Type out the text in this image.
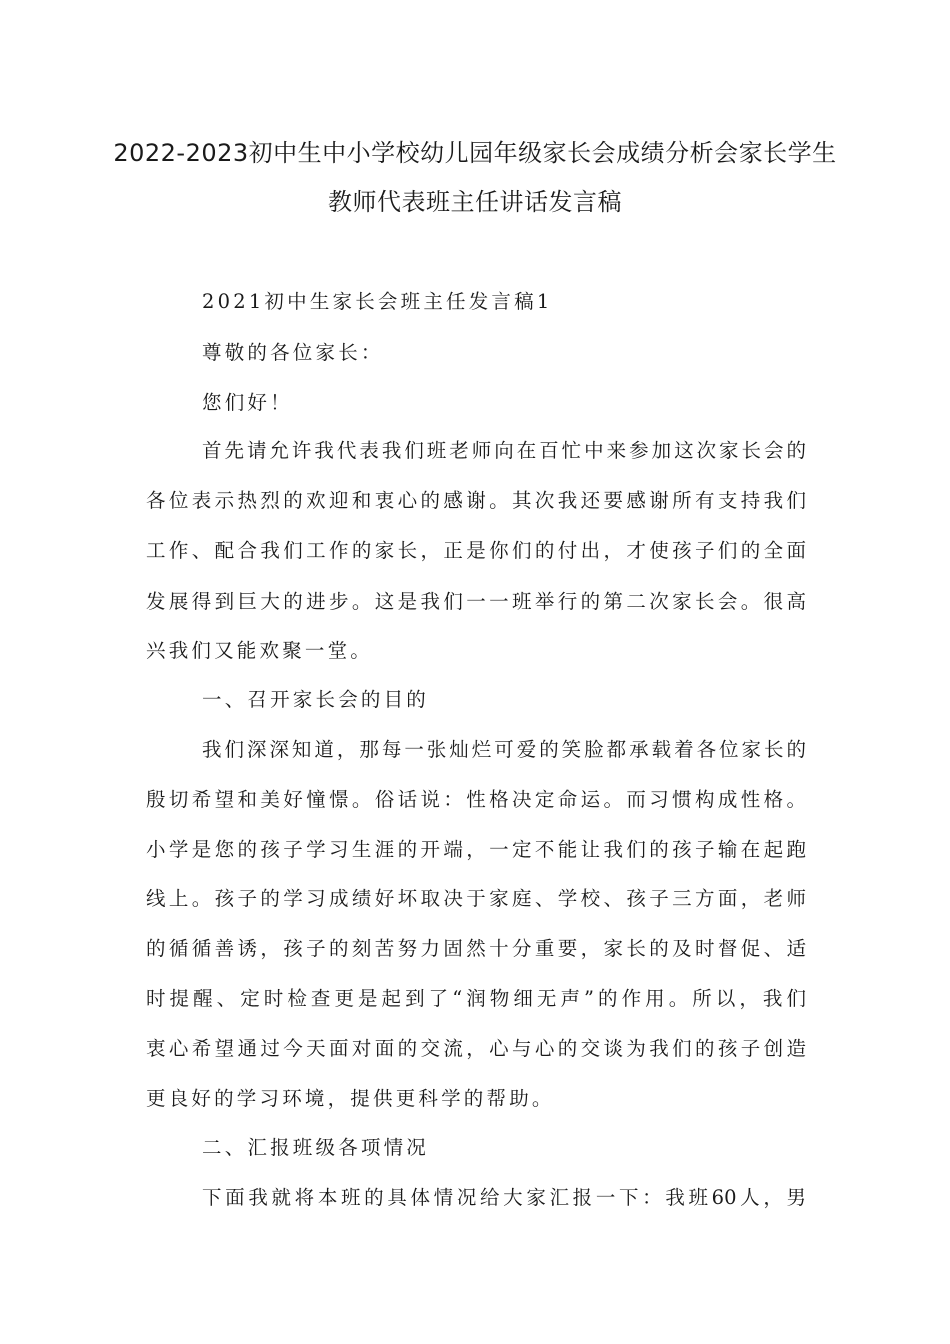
2022-2023初中生中小学校幼儿园年级家长会成绩分析会家长学生
教师代表班主任讲话发言稿
2021初中生家长会班主任发言稿1
尊敬的各位家长：
您们好！
首先请允许我代表我们班老师向在百忙中来参加这次家长会的
各位表示热烈的欢迎和衷心的感谢。其次我还要感谢所有支持我们
工作、配合我们工作的家长，正是你们的付出，才使孩子们的全面
发展得到巨大的进步。这是我们一一班举行的第二次家长会。很高
兴我们又能欢聚一堂。
一、召开家长会的目的
我们深深知道，那每一张灿烂可爱的笑脸都承载着各位家长的
殷切希望和美好憧憬。俗话说：性格决定命运。而习惯构成性格。
小学是您的孩子学习生涯的开端，一定不能让我们的孩子输在起跑
线上。孩子的学习成绩好坏取决于家庭、学校、孩子三方面，老师
的循循善诱，孩子的刻苦努力固然十分重要，家长的及时督促、适
时提醒、定时检查更是起到了“润物细无声”的作用。所以，我们
衷心希望通过今天面对面的交流，心与心的交谈为我们的孩子创造
更良好的学习环境，提供更科学的帮助。
二、汇报班级各项情况
下面我就将本班的具体情况给大家汇报一下：我班60人，男
